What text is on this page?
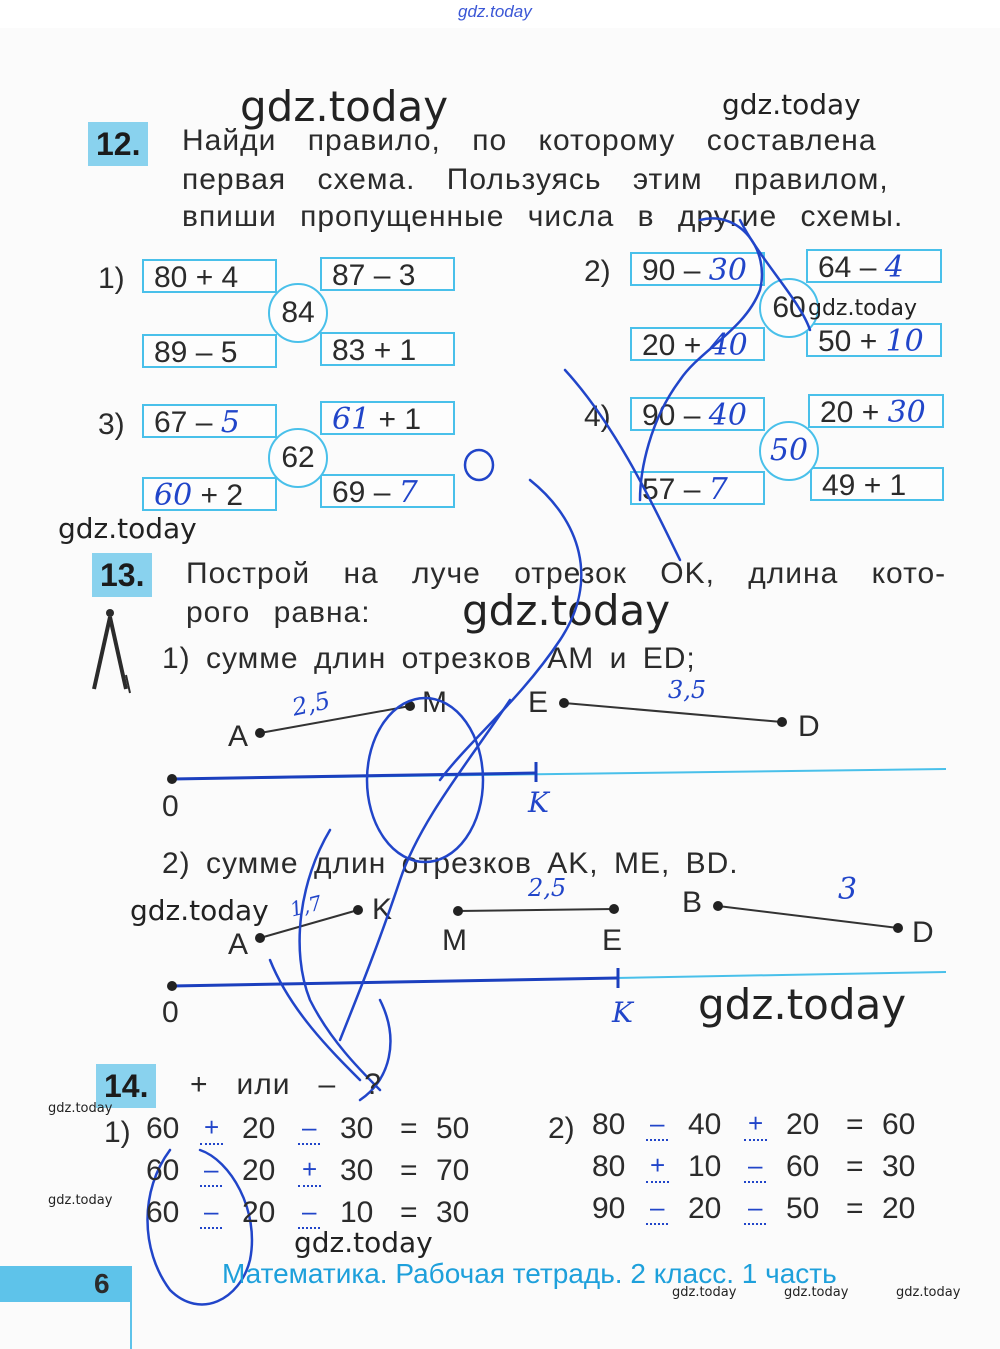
gdz.today
gdz.today	gdz.today
12. Найди правило, по которому составлена
первая схема. Пользуясь этим правилом,
впиши пропущенные числа в другие схемы.
1) 80 + 4	87 – 3
89 – 5	83 + 1
84
2)	90 – 30	64 – 4
20 + 40	50 + 10
60 gdz.today
3) 67 – 5	61 + 1
60 + 2	69 – 7
62
4)	90 – 40	20 + 30
57 – 7	49 + 1
50
gdz.today
13. Построй на луче отрезок OK, длина кото-
рого равна: gdz.today
1) сумме длин отрезков AM и ED;
A
M	E
D
0	K
2,5	3,5
2) сумме длин отрезков AK, ME, BD.
gdz.today	K
A	M	E
B
D
0	K
1,7
2,5	3
gdz.today
14. +   или   –   ?
gdz.today
gdz.today
1)	2)
60 + 20 – 30 = 50
60 – 20 + 30 = 70
60 – 20 – 10 = 30
80 – 40 + 20 = 60
80 + 10 – 60 = 30
90 – 20 – 50 = 20
gdz.today
6	Математика. Рабочая тетрадь. 2 класс. 1 часть
gdz.today	gdz.today	gdz.today
